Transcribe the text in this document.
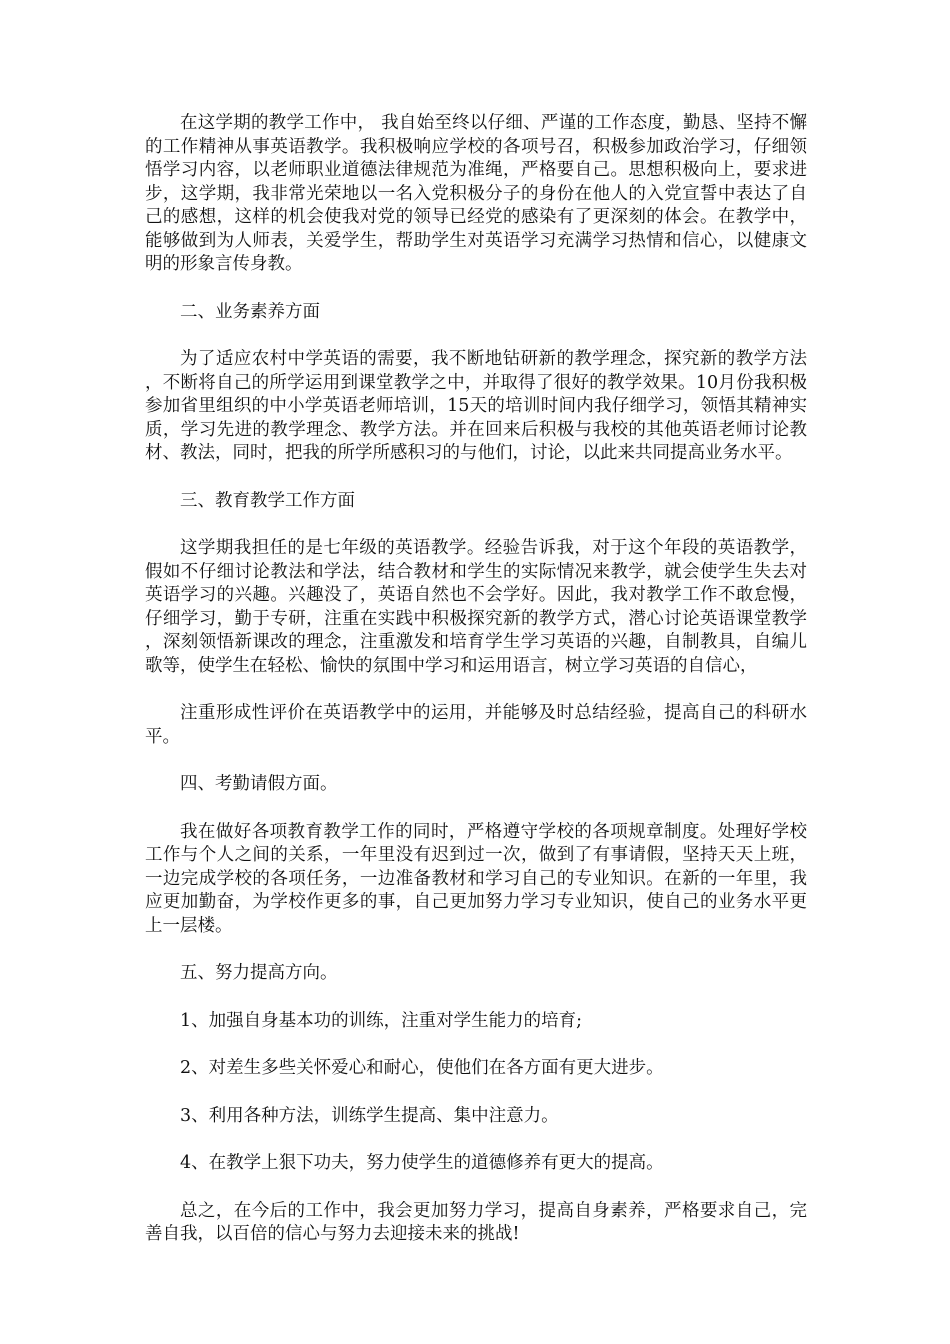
在这学期的教学工作中， 我自始至终以仔细、严谨的工作态度，勤恳、坚持不懈的工作精神从事英语教学。我积极响应学校的各项号召，积极参加政治学习，仔细领悟学习内容，以老师职业道德法律规范为准绳，严格要自己。思想积极向上，要求进步，这学期，我非常光荣地以一名入党积极分子的身份在他人的入党宣誓中表达了自己的感想，这样的机会使我对党的领导已经党的感染有了更深刻的体会。在教学中，能够做到为人师表，关爱学生，帮助学生对英语学习充满学习热情和信心，以健康文明的形象言传身教。

二、业务素养方面

为了适应农村中学英语的需要，我不断地钻研新的教学理念，探究新的教学方法，不断将自己的所学运用到课堂教学之中，并取得了很好的教学效果。10月份我积极参加省里组织的中小学英语老师培训，15天的培训时间内我仔细学习，领悟其精神实质，学习先进的教学理念、教学方法。并在回来后积极与我校的其他英语老师讨论教材、教法，同时，把我的所学所感积习的与他们，讨论，以此来共同提高业务水平。

三、教育教学工作方面

这学期我担任的是七年级的英语教学。经验告诉我，对于这个年段的英语教学，假如不仔细讨论教法和学法，结合教材和学生的实际情况来教学，就会使学生失去对英语学习的兴趣。兴趣没了，英语自然也不会学好。因此，我对教学工作不敢怠慢，仔细学习，勤于专研，注重在实践中积极探究新的教学方式，潜心讨论英语课堂教学，深刻领悟新课改的理念，注重激发和培育学生学习英语的兴趣，自制教具，自编儿歌等，使学生在轻松、愉快的氛围中学习和运用语言，树立学习英语的自信心，

注重形成性评价在英语教学中的运用，并能够及时总结经验，提高自己的科研水平。

四、考勤请假方面。

我在做好各项教育教学工作的同时，严格遵守学校的各项规章制度。处理好学校工作与个人之间的关系，一年里没有迟到过一次，做到了有事请假，坚持天天上班，一边完成学校的各项任务，一边准备教材和学习自己的专业知识。在新的一年里，我应更加勤奋，为学校作更多的事，自己更加努力学习专业知识，使自己的业务水平更上一层楼。

五、努力提高方向。

1、加强自身基本功的训练，注重对学生能力的培育;

2、对差生多些关怀爱心和耐心，使他们在各方面有更大进步。

3、利用各种方法，训练学生提高、集中注意力。

4、在教学上狠下功夫，努力使学生的道德修养有更大的提高。

总之，在今后的工作中，我会更加努力学习，提高自身素养，严格要求自己，完善自我，以百倍的信心与努力去迎接未来的挑战!
